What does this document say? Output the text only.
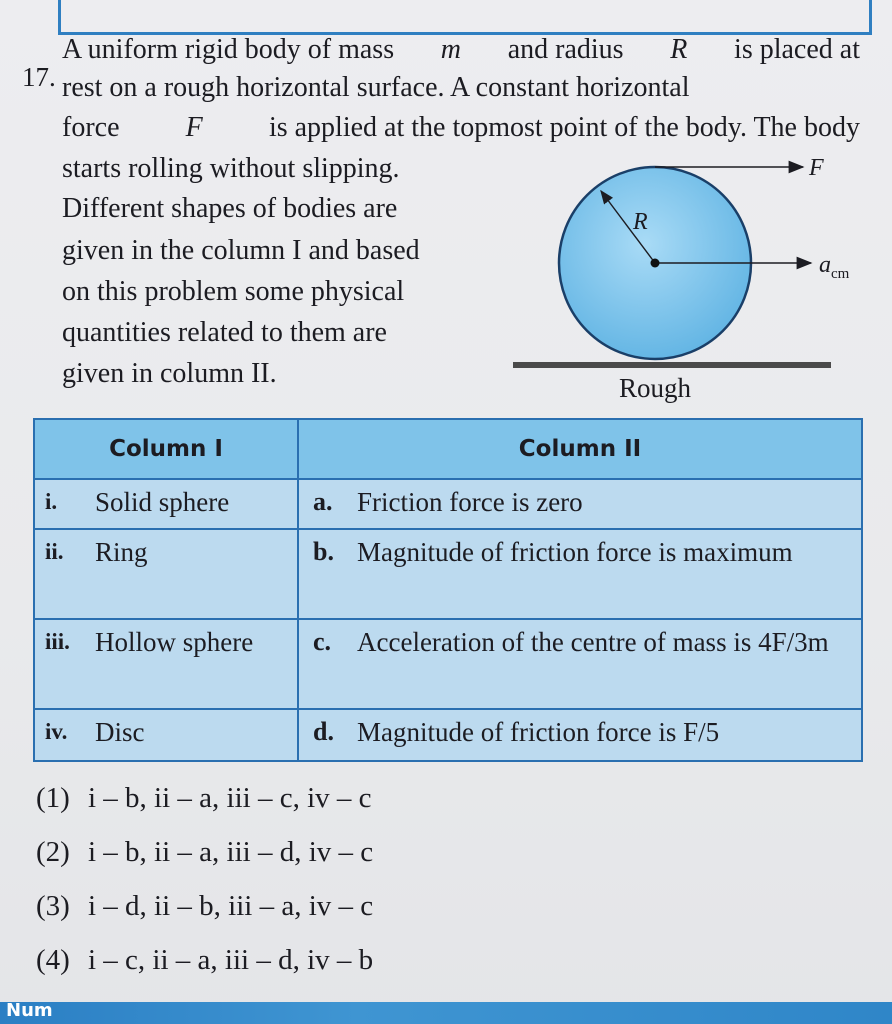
17.
A uniform rigid body of mass m and radius R is placed at
rest on a rough horizontal surface. A constant horizontal
force F is applied at the topmost point of the body. The body
starts rolling without slipping.
Different shapes of bodies are
given in the column I and based
on this problem some physical
quantities related to them are
given in column II.
F
R
$a_{cm}$
Rough
Column I	Column II

i. Solid sphere	a. Friction force is zero

ii. Ring	b. Magnitude of friction force is maximum

iii. Hollow sphere	c. Acceleration of the centre of mass is 4F/3m

iv. Disc	d. Magnitude of friction force is F/5
(1) i – b, ii – a, iii – c, iv – c
(2) i – b, ii – a, iii – d, iv – c
(3) i – d, ii – b, iii – a, iv – c
(4) i – c, ii – a, iii – d, iv – b
Num
